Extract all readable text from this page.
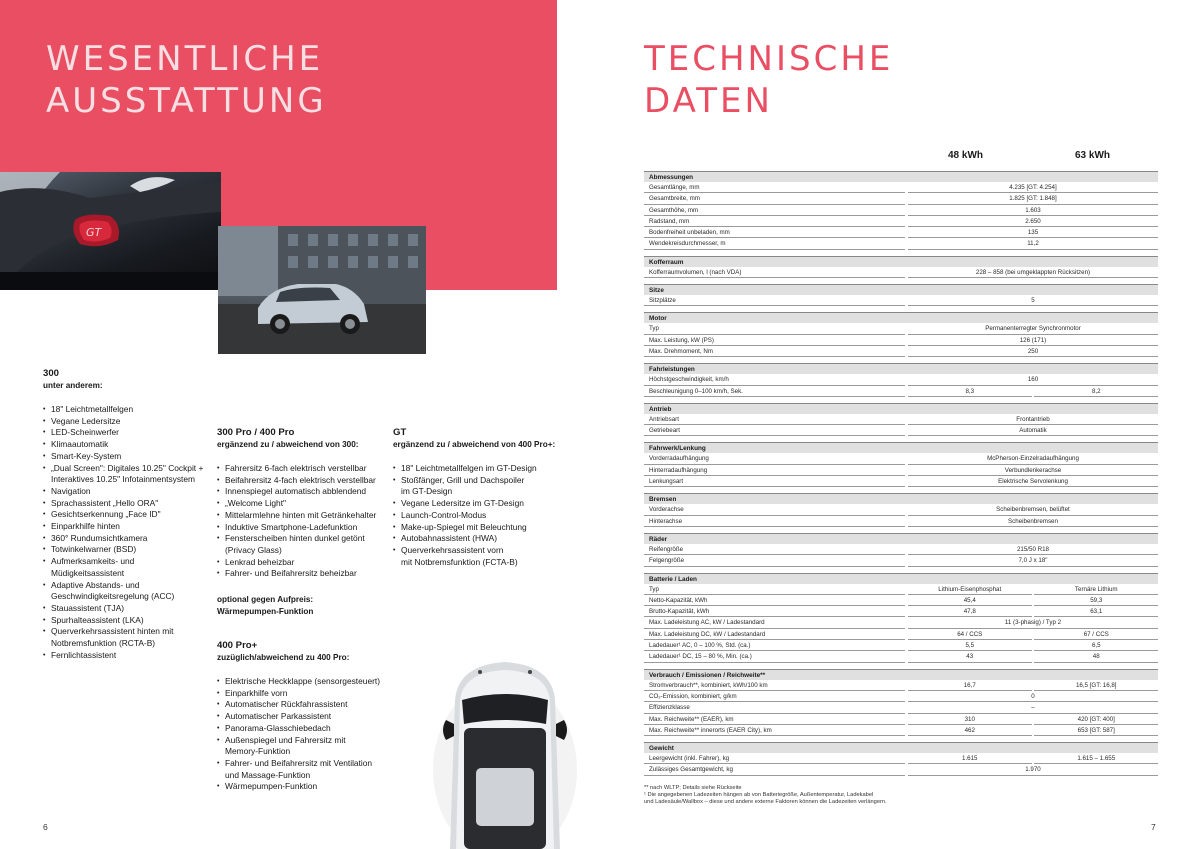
WESENTLICHE
AUSSTATTUNG
GT
300
unter anderem:
• 18" Leichtmetallfelgen
• Vegane Ledersitze
• LED-Scheinwerfer
• Klimaautomatik
• Smart-Key-System
• „Dual Screen": Digitales 10.25" Cockpit +
Interaktives 10.25" Infotainmentsystem
• Navigation
• Sprachassistent „Hello ORA"
• Gesichtserkennung „Face ID"
• Einparkhilfe hinten
• 360° Rundumsichtkamera
• Totwinkelwarner (BSD)
• Aufmerksamkeits- und
Müdigkeitsassistent
• Adaptive Abstands- und
Geschwindigkeitsregelung (ACC)
• Stauassistent (TJA)
• Spurhalteassistent (LKA)
• Querverkehrsassistent hinten mit
Notbremsfunktion (RCTA-B)
• Fernlichtassistent
300 Pro / 400 Pro
ergänzend zu / abweichend von 300:
• Fahrersitz 6-fach elektrisch verstellbar
• Beifahrersitz 4-fach elektrisch verstellbar
• Innenspiegel automatisch abblendend
• „Welcome Light"
• Mittelarmlehne hinten mit Getränkehalter
• Induktive Smartphone-Ladefunktion
• Fensterscheiben hinten dunkel getönt
(Privacy Glass)
• Lenkrad beheizbar
• Fahrer- und Beifahrersitz beheizbar
optional gegen Aufpreis:
Wärmepumpen-Funktion
400 Pro+
zuzüglich/abweichend zu 400 Pro:
• Elektrische Heckklappe (sensorgesteuert)
• Einparkhilfe vorn
• Automatischer Rückfahrassistent
• Automatischer Parkassistent
• Panorama-Glasschiebedach
• Außenspiegel und Fahrersitz mit
Memory-Funktion
• Fahrer- und Beifahrersitz mit Ventilation
und Massage-Funktion
• Wärmepumpen-Funktion
GT
ergänzend zu / abweichend von 400 Pro+:
• 18" Leichtmetallfelgen im GT-Design
• Stoßfänger, Grill und Dachspoiler
im GT-Design
• Vegane Ledersitze im GT-Design
• Launch-Control-Modus
• Make-up-Spiegel mit Beleuchtung
• Autobahnassistent (HWA)
• Querverkehrsassistent vorn
mit Notbremsfunktion (FCTA-B)
6
TECHNISCHE
DATEN
48 kWh	63 kWh
Abmessungen
Gesamtlänge, mm	4.235 [GT: 4.254]
Gesamtbreite, mm	1.825 [GT: 1.848]
Gesamthöhe, mm	1.603
Radstand, mm	2.650
Bodenfreiheit unbeladen, mm	135
Wendekreisdurchmesser, m	11,2
Kofferraum
Kofferraumvolumen, l (nach VDA)	228 – 858 (bei umgeklappten Rücksitzen)
Sitze
Sitzplätze	5
Motor
Typ	Permanenterregter Synchronmotor
Max. Leistung, kW (PS)	126 (171)
Max. Drehmoment, Nm	250
Fahrleistungen
Höchstgeschwindigkeit, km/h	160
Beschleunigung 0–100 km/h, Sek.	8,3	8,2
Antrieb
Antriebsart	Frontantrieb
Getriebeart	Automatik
Fahrwerk/Lenkung
Vorderradaufhängung	McPherson-Einzelradaufhängung
Hinterradaufhängung	Verbundlenkerachse
Lenkungsart	Elektrische Servolenkung
Bremsen
Vorderachse	Scheibenbremsen, belüftet
Hinterachse	Scheibenbremsen
Räder
Reifengröße	215/50 R18
Felgengröße	7,0 J x 18"
Batterie / Laden
Typ	Lithium-Eisenphosphat	Ternäre Lithium
Netto-Kapazität, kWh	45,4	59,3
Brutto-Kapazität, kWh	47,8	63,1
Max. Ladeleistung AC, kW / Ladestandard	11 (3-phasig) / Typ 2
Max. Ladeleistung DC, kW / Ladestandard	64 / CCS	67 / CCS
Ladedauer¹ AC, 0 – 100 %, Std. (ca.)	5,5	6,5
Ladedauer¹ DC, 15 – 80 %, Min. (ca.)	43	48
Verbrauch / Emissionen / Reichweite**
Stromverbrauch**, kombiniert, kWh/100 km	16,7	16,5 [GT: 16,8]
CO₂-Emission, kombiniert, g/km	0
Effizienzklasse	–
Max. Reichweite** (EAER), km	310	420 [GT: 400]
Max. Reichweite** innerorts (EAER City), km	462	653 [GT: 587]
Gewicht
Leergewicht (inkl. Fahrer), kg	1.615	1.615 – 1.655
Zulässiges Gesamtgewicht, kg	1.970
** nach WLTP; Details siehe Rückseite
¹ Die angegebenen Ladezeiten hängen ab von Batteriegröße, Außentemperatur, Ladekabel
und Ladesäule/Wallbox – diese und andere externe Faktoren können die Ladezeiten verlängern.
7
